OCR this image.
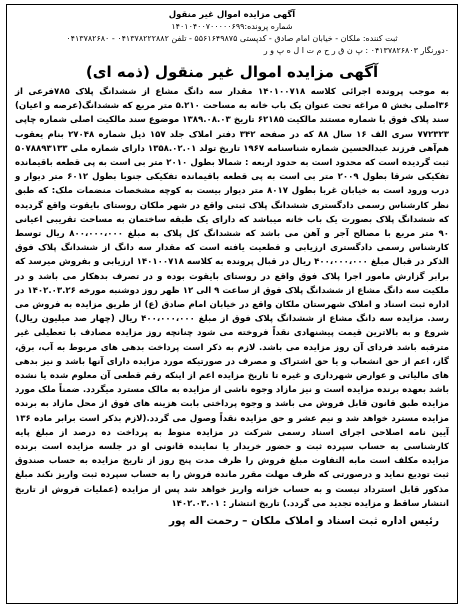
آگهی مزایده اموال غیر منقول
شماره پرونده:۱۴۰۱۰۴۰۰۷۰۰۰۰۰۶۹۹
ثبت کننده: ملکان - خیابان امام صادق - کدپستی ۵۵۶۱۶۴۹۸۷۵ - تلفن ۰۴۱۳۷۸۲۲۲۸۸۲ - ۰۴۱۳۷۸۲۶۸۰
۰دورنگار ۰۴۱۳۷۸۲۶۸۰۳ : پ ن ق ر ح م ت ا ل ه پ و ر
آگهی مزایده اموال غیر منقول (ذمه ای)
به موجب پرونده اجرائی کلاسه ۱۴۰۱۰۰۷۱۸ مقدار سه دانگ مشاع از ششدانگ پلاک ۷۸۵فرعی از ۳۶اصلی بخش ۵ مراغه تحت عنوان یک باب خانه به مساحت ۵.۲۱۰ متر مربع که ششدانگ(عرصه و اعیان) سند پلاک فوق با شماره مستند مالکیت ۶۲۱۸۵ تاریخ ۱۳۸۹.۰۸.۰۳ موضوع سند مالکیت اصلی شماره چاپی ۷۷۲۳۲۳ سری الف ۱۶ سال ۸۸ که در صفحه ۳۴۲ دفتر املاک جلد ۱۵۷ ذیل شماره ۲۷۰۴۸ بنام یعقوب هم‌آهی فرزند عبدالحسین شماره شناسنامه ۱۹۶۷ تاریخ تولد ۱۳۵۸.۰۲.۰۱ دارای شماره ملی ۵۰۷۸۸۹۳۱۳۳ ثبت گردیده است که محدود است به حدود اربعه : شمالا بطول ۲۰۱۰ متر بی است به پی قطعه باقیمانده تفکیکی شرقا بطول ۲۰۰۹ متر بی است به پی قطعه باقیمانده تفکیکی جنوبا بطول ۶۰۱۲ متر دیوار و درب ورود است به خیابان غربا بطول ۸۰۱۷ متر دیوار بیست به کوچه مشخصات منضمات ملک: که طبق نظر کارشناس رسمی دادگستری ششدانگ پلاک ثبتی واقع در شهر ملکان روستای بایقوت واقع گردیده که ششدانگ پلاک بصورت یک باب خانه میباشد که دارای یک طبقه ساختمان به مساحت تقریبی اعیانی ۹۰ متر مربع با مصالح آجر و آهن می باشد که ششدانگ کل پلاک به مبلغ ۸۰۰،۰۰۰،۰۰۰ ریال توسط کارشناس رسمی دادگستری ارزیابی و قطعیت یافته است که مقدار سه دانگ از ششدانگ پلاک فوق الذکر در قبال مبلغ ۴۰۰،۰۰۰،۰۰۰ ریال در قبال پرونده به کلاسه ۱۴۰۱۰۰۷۱۸ ارزیابی و بفروش میرسد که برابر گزارش مامور اجرا پلاک فوق واقع در روستای بایقوت بوده و در تصرف بدهکار می باشد و در ملکیت سه دانگ مشاع از ششدانگ پلاک فوق از ساعت ۹ الی ۱۲ ظهر روز دوشنبه مورخه ۱۴۰۲.۰۳.۲۶ در اداره ثبت اسناد و املاک شهرستان ملکان واقع در خیابان امام صادق (ع) از طریق مزایده به فروش می رسد. مزایده سه دانگ مشاع از ششدانگ پلاک فوق از مبلغ ۴۰۰،۰۰۰،۰۰۰ ریال (چهار صد میلیون ریال) شروع و به بالاترین قیمت پیشنهادی نقداً فروخته می شود چنانچه روز مزایده مصادف با تعطیلی غیر مترقبه باشد فردای آن روز مزایده می باشد. لازم به ذکر است پرداخت بدهی های مربوط به آب، برق، گاز، اعم از حق انشعاب و یا حق اشتراک و مصرف در صورتیکه مورد مزایده دارای آنها باشد و نیز بدهی های مالیاتی و عوارض شهرداری و غیره تا تاریخ مزایده اعم از اینکه رقم قطعی آن معلوم شده یا نشده باشد بعهده برنده مزایده است و نیز مازاد وجوه ناشی از مزایده به مالک مسترد میگردد. ضمناً ملک مورد مزایده طبق قانون قابل فروش می باشد و وجوه پرداختی بابت هزینه های فوق از محل مازاد به برنده مزایده مسترد خواهد شد و نیم عشر و حق مزایده نقداً وصول می گردد.(لازم بذکر است برابر ماده ۱۳۶ آیین نامه اصلاحی اجرای اسناد رسمی شرکت در مزایده منوط به پرداخت ده درصد از مبلغ پایه کارشناسی به حساب سپرده ثبت و حضور خریدار یا نماینده قانونی او در جلسه مزایده است برنده مزایده مکلف است مابه التفاوت مبلغ فروش را ظرف مدت پنج روز از تاریخ مزایده به حساب صندوق ثبت تودیع نماید و درصورتی که ظرف مهلت مقرر مانده فروش را به حساب سپرده ثبت واریز نکند مبلغ مذکور قابل استرداد نیست و به حساب خزانه واریز خواهد شد پس از مزایده (عملیات فروش از تاریخ انتشار ساقط و مزایده تجدید می گردد.) تاریخ انتشار : ۱۴۰۲.۰۳.۰۱
رئیس اداره ثبت اسناد و املاک ملکان – رحمت اله پور
